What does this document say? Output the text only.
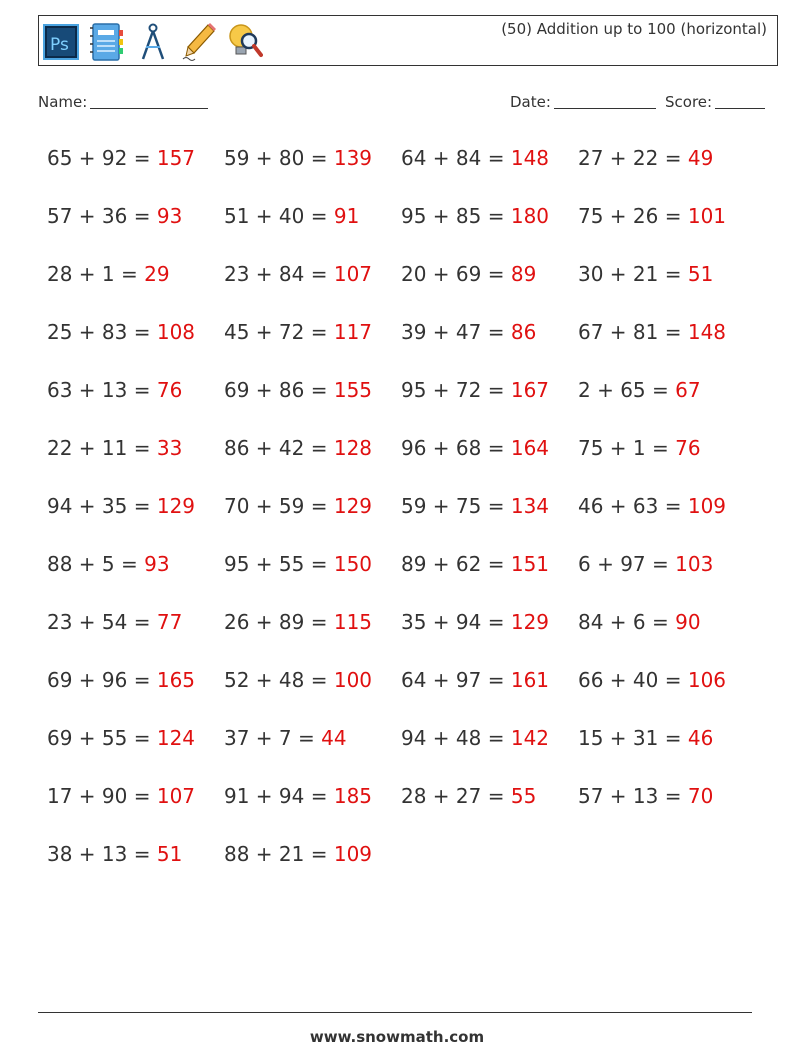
Ps
(50) Addition up to 100 (horizontal)
Name:	Date:	Score:
65 + 92 = 157 59 + 80 = 139 64 + 84 = 148 27 + 22 = 49
57 + 36 = 93 51 + 40 = 91 95 + 85 = 180 75 + 26 = 101
28 + 1 = 29	23 + 84 = 107 20 + 69 = 89 30 + 21 = 51
25 + 83 = 108 45 + 72 = 117 39 + 47 = 86 67 + 81 = 148
63 + 13 = 76 69 + 86 = 155 95 + 72 = 167 2 + 65 = 67
22 + 11 = 33 86 + 42 = 128 96 + 68 = 164 75 + 1 = 76
94 + 35 = 129 70 + 59 = 129 59 + 75 = 134 46 + 63 = 109
88 + 5 = 93	95 + 55 = 150 89 + 62 = 151 6 + 97 = 103
23 + 54 = 77 26 + 89 = 115 35 + 94 = 129 84 + 6 = 90
69 + 96 = 165 52 + 48 = 100 64 + 97 = 161 66 + 40 = 106
69 + 55 = 124 37 + 7 = 44	94 + 48 = 142 15 + 31 = 46
17 + 90 = 107 91 + 94 = 185 28 + 27 = 55 57 + 13 = 70
38 + 13 = 51 88 + 21 = 109
www.snowmath.com
